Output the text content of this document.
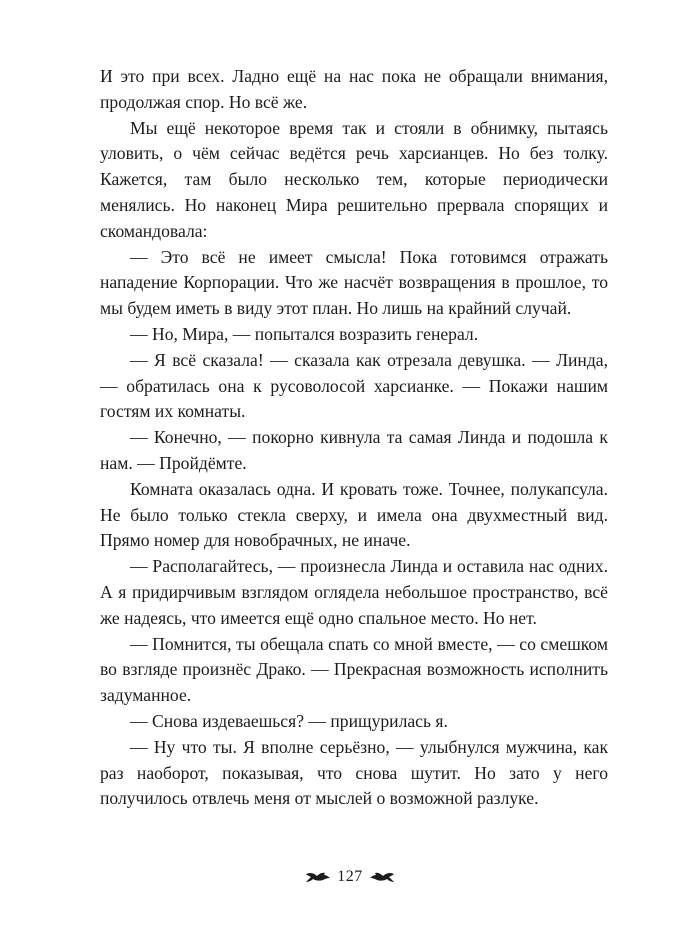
И это при всех. Ладно ещё на нас пока не обращали внимания, продолжая спор. Но всё же.

Мы ещё некоторое время так и стояли в обнимку, пытаясь уловить, о чём сейчас ведётся речь харсианцев. Но без толку. Кажется, там было несколько тем, которые периодически менялись. Но наконец Мира решительно прервала спорящих и скомандовала:

— Это всё не имеет смысла! Пока готовимся отражать нападение Корпорации. Что же насчёт возвращения в прошлое, то мы будем иметь в виду этот план. Но лишь на крайний случай.

— Но, Мира, — попытался возразить генерал.

— Я всё сказала! — сказала как отрезала девушка. — Линда, — обратилась она к русоволосой харсианке. — Покажи нашим гостям их комнаты.

— Конечно, — покорно кивнула та самая Линда и подошла к нам. — Пройдёмте.

Комната оказалась одна. И кровать тоже. Точнее, полукапсула. Не было только стекла сверху, и имела она двухместный вид. Прямо номер для новобрачных, не иначе.

— Располагайтесь, — произнесла Линда и оставила нас одних. А я придирчивым взглядом оглядела небольшое пространство, всё же надеясь, что имеется ещё одно спальное место. Но нет.

— Помнится, ты обещала спать со мной вместе, — со смешком во взгляде произнёс Драко. — Прекрасная возможность исполнить задуманное.

— Снова издеваешься? — прищурилась я.

— Ну что ты. Я вполне серьёзно, — улыбнулся мужчина, как раз наоборот, показывая, что снова шутит. Но зато у него получилось отвлечь меня от мыслей о возможной разлуке.

127
